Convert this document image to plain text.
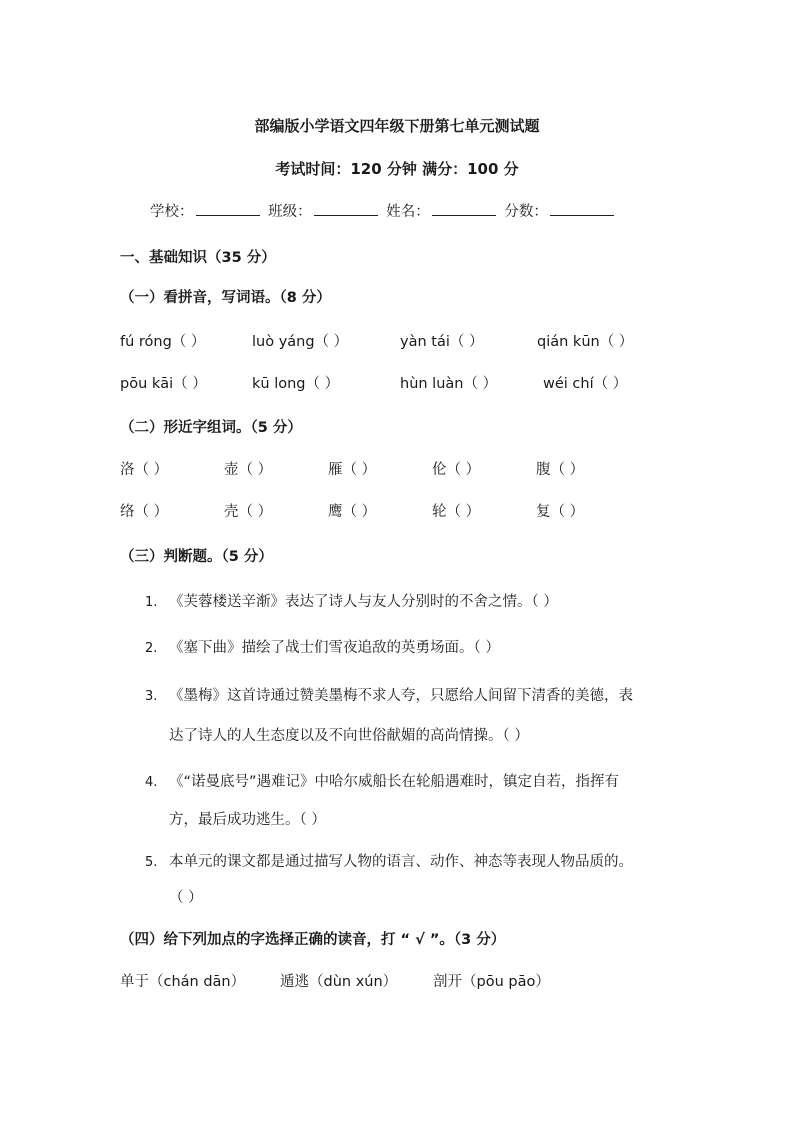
部编版小学语文四年级下册第七单元测试题
考试时间：120 分钟 满分：100 分
学校：	班级：	姓名：	分数：
一、基础知识（35 分）
（一）看拼音，写词语。（8 分）
fú róng（ ）	luò yáng（ ）	yàn tái（ ）	qián kūn（ ）
pōu kāi（ ）	kū long（ ）	hùn luàn（ ）	wéi chí（ ）
（二）形近字组词。（5 分）
洛（ ）	壶（ ）	雁（ ）	伦（ ）	腹（ ）
络（ ）	壳（ ）	鹰（ ）	轮（ ）	复（ ）
（三）判断题。（5 分）
1. 《芙蓉楼送辛渐》表达了诗人与友人分别时的不舍之情。（ ）
2. 《塞下曲》描绘了战士们雪夜追敌的英勇场面。（ ）
3. 《墨梅》这首诗通过赞美墨梅不求人夸，只愿给人间留下清香的美德，表
达了诗人的人生态度以及不向世俗献媚的高尚情操。（ ）
4. 《“诺曼底号”遇难记》中哈尔威船长在轮船遇难时，镇定自若，指挥有
方，最后成功逃生。（ ）
5. 本单元的课文都是通过描写人物的语言、动作、神态等表现人物品质的。
（ ）
（四）给下列加点的字选择正确的读音，打 “ √ ”。（3 分）
单于（chán dān） 遁逃（dùn xún） 剖开（pōu pāo）
